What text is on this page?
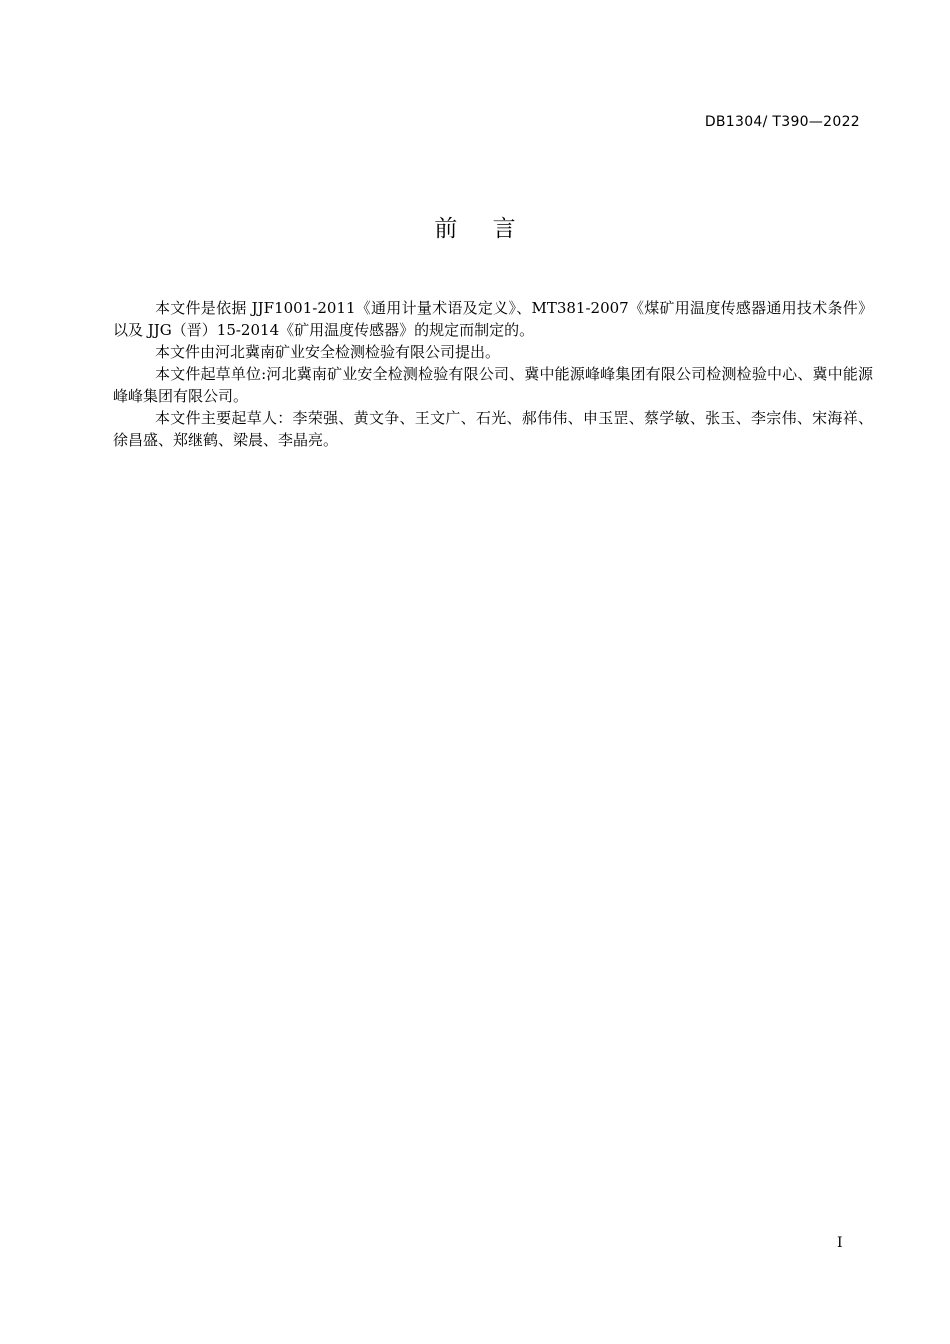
DB1304/ T390—2022
前 言

本文件是依据 JJF1001-2011《通用计量术语及定义》、MT381-2007《煤矿用温度传感器通用技术条件》以及 JJG（晋）15-2014《矿用温度传感器》的规定而制定的。

本文件由河北冀南矿业安全检测检验有限公司提出。

本文件起草单位:河北冀南矿业安全检测检验有限公司、冀中能源峰峰集团有限公司检测检验中心、冀中能源峰峰集团有限公司。

本文件主要起草人：李荣强、黄文争、王文广、石光、郝伟伟、申玉罡、蔡学敏、张玉、李宗伟、宋海祥、徐昌盛、郑继鹤、梁晨、李晶亮。

I
